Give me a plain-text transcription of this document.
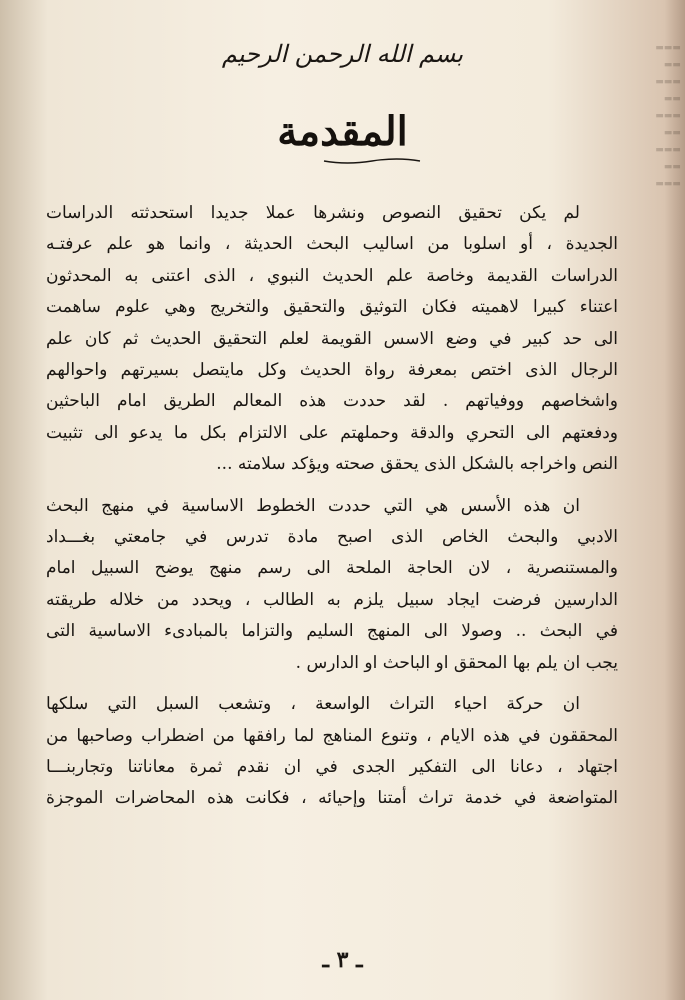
▬▬▬
▬▬
▬▬▬
▬▬
▬▬▬
▬▬
▬▬▬
▬▬
▬▬▬
بسم الله الرحمن الرحيم
المقدمة
لم يكن تحقيق النصوص ونشرها عملا جديدا استحدثته الدراسات
الجديدة ، أو اسلوبا من اساليب البحث الحديثة ، وانما هو علم عرفتـه
الدراسات القديمة وخاصة علم الحديث النبوي ، الذى اعتنى به المحدثون
اعتناء كبيرا لاهميته فكان التوثيق والتحقيق والتخريج وهي علوم ساهمت
الى حد كبير في وضع الاسس القويمة لعلم التحقيق الحديث ثم كان علم
الرجال الذى اختص بمعرفة رواة الحديث وكل مايتصل بسيرتهم واحوالهم
واشخاصهم ووفياتهم . لقد حددت هذه المعالم الطريق امام الباحثين
ودفعتهم الى التحري والدقة وحملهتم على الالتزام بكل ما يدعو الى تثبيت
النص واخراجه بالشكل الذى يحقق صحته ويؤكد سلامته ...
ان هذه الأسس هي التي حددت الخطوط الاساسية في منهج البحث
الادبي والبحث الخاص الذى اصبح مادة تدرس في جامعتي بغـــداد
والمستنصرية ، لان الحاجة الملحة الى رسم منهج يوضح السبيل امام
الدارسين فرضت ايجاد سبيل يلزم به الطالب ، ويحدد من خلاله طريقته
في البحث .. وصولا الى المنهج السليم والتزاما بالمبادىء الاساسية التى
يجب ان يلم بها المحقق او الباحث او الدارس .
ان حركة احياء التراث الواسعة ، وتشعب السبل التي سلكها
المحققون في هذه الايام ، وتنوع المناهج لما رافقها من اضطراب وصاحبها من
اجتهاد ، دعانا الى التفكير الجدى في ان نقدم ثمرة معاناتنا وتجاربنـــا
المتواضعة في خدمة تراث أمتنا وإحيائه ، فكانت هذه المحاضرات الموجزة
ـ ٣ ـ
